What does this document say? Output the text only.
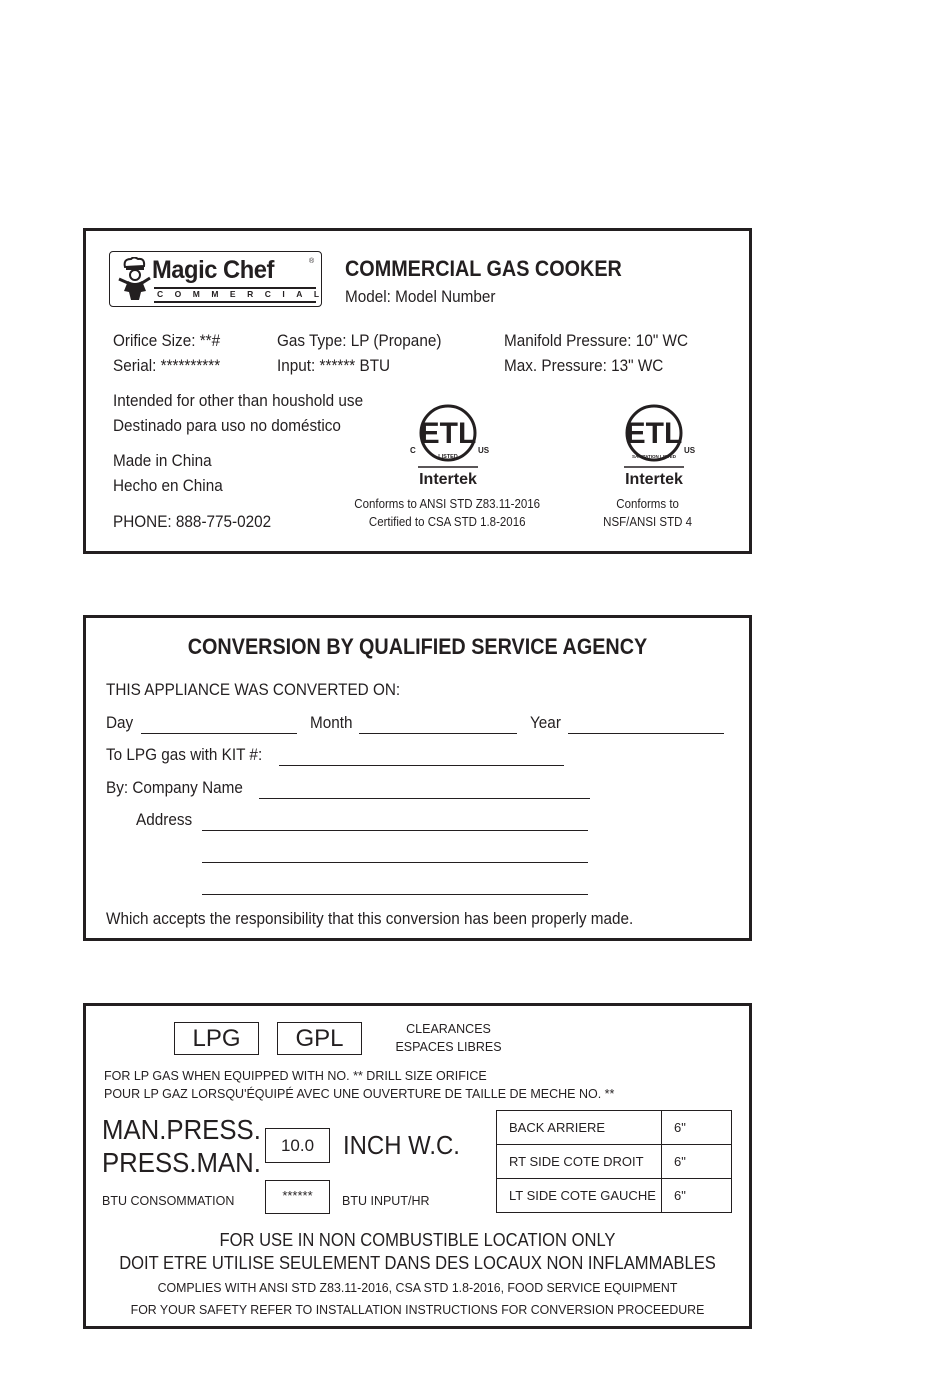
Magic Chef	®
COMMERCIAL
COMMERCIAL GAS COOKER
Model: Model Number
Orifice Size: **#
Serial: **********
Gas Type: LP (Propane)
Input: ****** BTU
Manifold Pressure: 10" WC
Max. Pressure: 13" WC
Intended for other than houshold use
Destinado para uso no doméstico
Made in China
Hecho en China
PHONE: 888-775-0202
ETL
C	US
LISTED
Intertek
Conforms to ANSI STD Z83.11-2016
Certified to CSA STD 1.8-2016
ETL
US
SANITATION LISTED
Intertek
Conforms to
NSF/ANSI STD 4
CONVERSION BY QUALIFIED SERVICE AGENCY
THIS APPLIANCE WAS CONVERTED ON:
Day	Month	Year
To LPG gas with KIT #:
By: Company Name
Address
Which accepts the responsibility that this conversion has been properly made.
LPG	GPL	CLEARANCES
ESPACES LIBRES
FOR LP GAS WHEN EQUIPPED WITH NO. ** DRILL SIZE ORIFICE
POUR LP GAZ LORSQU'ÉQUIPÉ AVEC UNE OUVERTURE DE TAILLE DE MECHE NO. **
MAN.PRESS.
PRESS.MAN.
10.0	INCH W.C.
BTU CONSOMMATION	******	BTU INPUT/HR
BACK ARRIERE	6"
RT SIDE COTE DROIT	6"
LT SIDE COTE GAUCHE	6"
FOR USE IN NON COMBUSTIBLE LOCATION ONLY
DOIT ETRE UTILISE SEULEMENT DANS DES LOCAUX NON INFLAMMABLES
COMPLIES WITH ANSI STD Z83.11-2016, CSA STD 1.8-2016, FOOD SERVICE EQUIPMENT
FOR YOUR SAFETY REFER TO INSTALLATION INSTRUCTIONS FOR CONVERSION PROCEEDURE
